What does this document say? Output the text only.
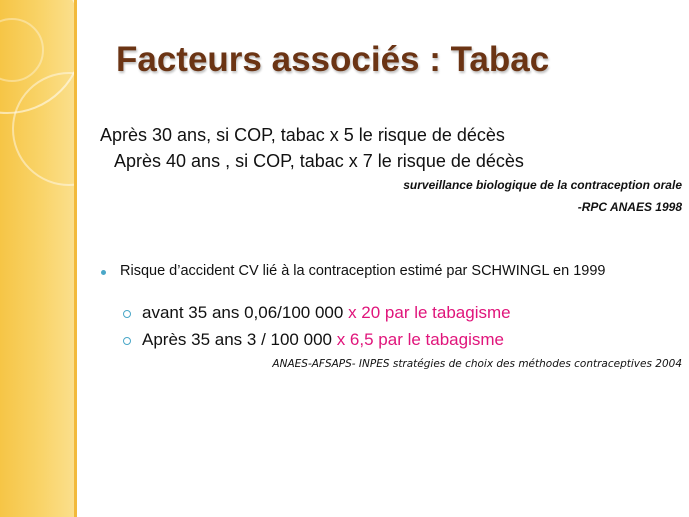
Facteurs associés : Tabac
Après 30 ans, si COP, tabac x 5 le risque de décès
Après 40 ans , si COP, tabac x 7 le risque de décès
surveillance biologique de la contraception orale
-RPC ANAES 1998
Risque d’accident CV lié à la contraception estimé par SCHWINGL en 1999
avant 35 ans 0,06/100 000 x 20 par le tabagisme
Après 35 ans 3 / 100 000 x 6,5 par le tabagisme
ANAES-AFSAPS- INPES stratégies de choix des méthodes contraceptives 2004
